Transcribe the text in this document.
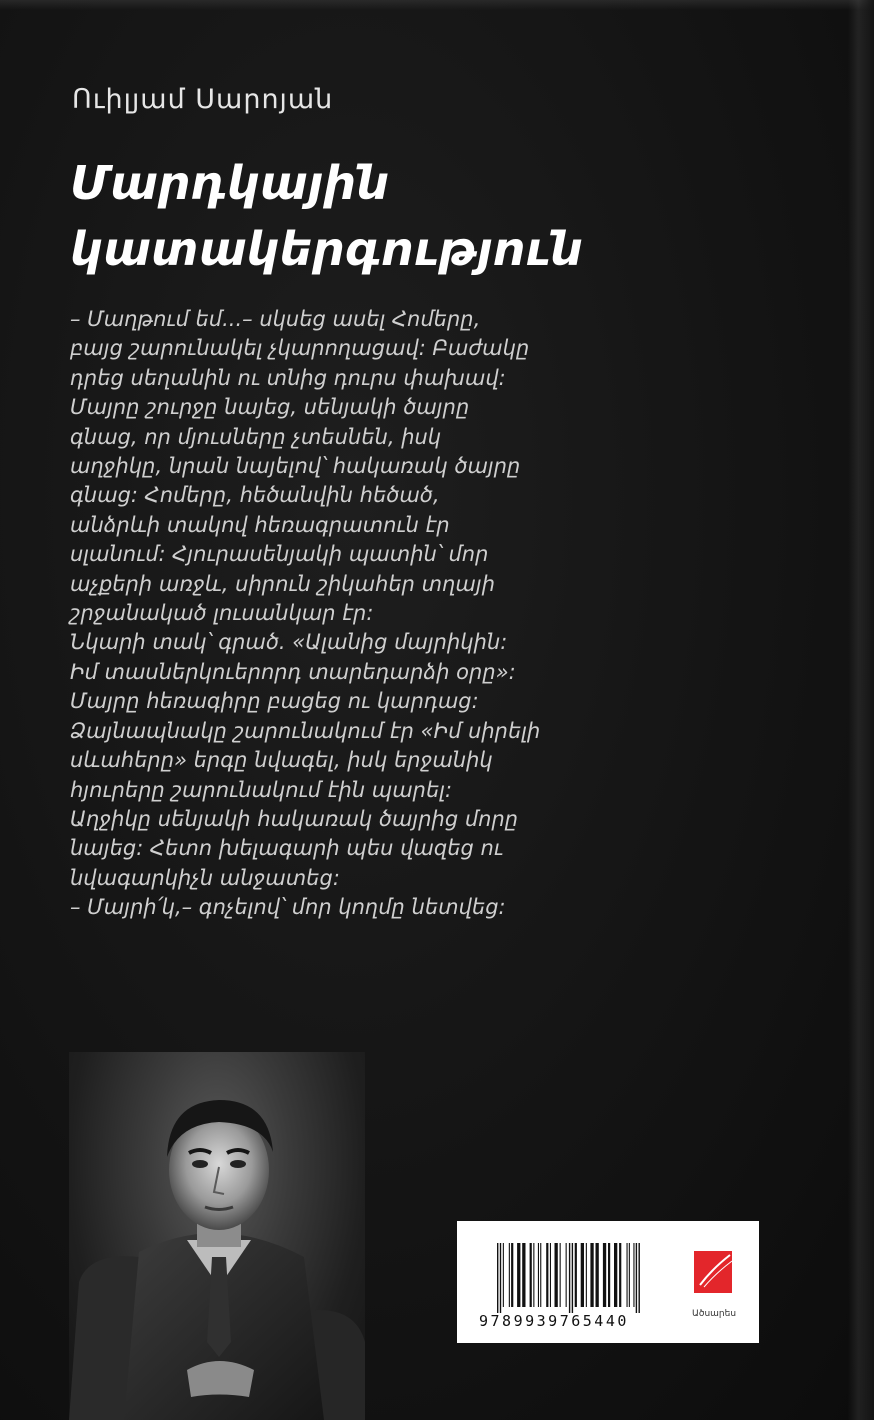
Ուիլյամ Սարոյան
Մարդկային
կատակերգություն
– Մաղթում եմ...– սկսեց ասել Հոմերը,
բայց շարունակել չկարողացավ: Բաժակը
դրեց սեղանին ու տնից դուրս փախավ:
Մայրը շուրջը նայեց, սենյակի ծայրը
գնաց, որ մյուսները չտեսնեն, իսկ
աղջիկը, նրան նայելով՝ հակառակ ծայրը
գնաց: Հոմերը, հեծանվին հեծած,
անձրևի տակով հեռագրատուն էր
սլանում: Հյուրասենյակի պատին՝ մոր
աչքերի առջև, սիրուն շիկահեր տղայի
շրջանակած լուսանկար էր:
Նկարի տակ՝ գրած. «Ալանից մայրիկին:
Իմ տասներկուերորդ տարեդարձի օրը»:
Մայրը հեռագիրը բացեց ու կարդաց:
Ձայնապնակը շարունակում էր «Իմ սիրելի
սևահերը» երգը նվագել, իսկ երջանիկ
հյուրերը շարունակում էին պարել:
Աղջիկը սենյակի հակառակ ծայրից մորը
նայեց: Հետո խելագարի պես վազեց ու
նվագարկիչն անջատեց:
– Մայրի՛կ,– գոչելով՝ մոր կողմը նետվեց:
9789939765440	Ածսարես
